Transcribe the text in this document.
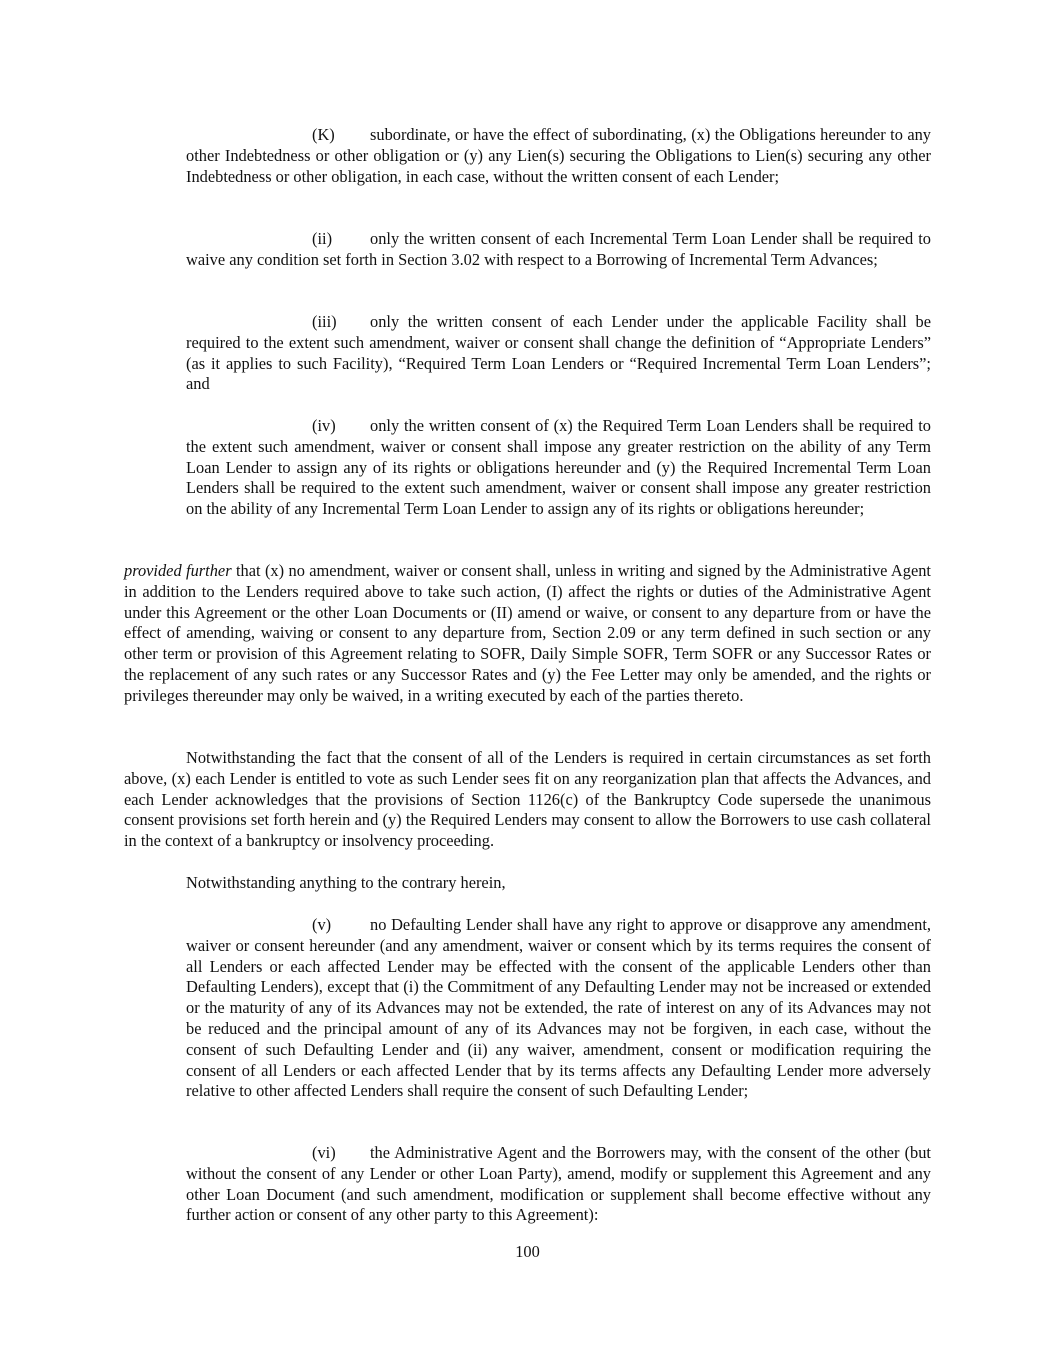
(K) subordinate, or have the effect of subordinating, (x) the Obligations hereunder to any other Indebtedness or other obligation or (y) any Lien(s) securing the Obligations to Lien(s) securing any other Indebtedness or other obligation, in each case, without the written consent of each Lender;

(ii) only the written consent of each Incremental Term Loan Lender shall be required to waive any condition set forth in Section 3.02 with respect to a Borrowing of Incremental Term Advances;

(iii) only the written consent of each Lender under the applicable Facility shall be required to the extent such amendment, waiver or consent shall change the definition of “Appropriate Lenders” (as it applies to such Facility), “Required Term Loan Lenders or “Required Incremental Term Loan Lenders”; and

(iv) only the written consent of (x) the Required Term Loan Lenders shall be required to the extent such amendment, waiver or consent shall impose any greater restriction on the ability of any Term Loan Lender to assign any of its rights or obligations hereunder and (y) the Required Incremental Term Loan Lenders shall be required to the extent such amendment, waiver or consent shall impose any greater restriction on the ability of any Incremental Term Loan Lender to assign any of its rights or obligations hereunder;

provided further that (x) no amendment, waiver or consent shall, unless in writing and signed by the Administrative Agent in addition to the Lenders required above to take such action, (I) affect the rights or duties of the Administrative Agent under this Agreement or the other Loan Documents or (II) amend or waive, or consent to any departure from or have the effect of amending, waiving or consent to any departure from, Section 2.09 or any term defined in such section or any other term or provision of this Agreement relating to SOFR, Daily Simple SOFR, Term SOFR or any Successor Rates or the replacement of any such rates or any Successor Rates and (y) the Fee Letter may only be amended, and the rights or privileges thereunder may only be waived, in a writing executed by each of the parties thereto.

Notwithstanding the fact that the consent of all of the Lenders is required in certain circumstances as set forth above, (x) each Lender is entitled to vote as such Lender sees fit on any reorganization plan that affects the Advances, and each Lender acknowledges that the provisions of Section 1126(c) of the Bankruptcy Code supersede the unanimous consent provisions set forth herein and (y) the Required Lenders may consent to allow the Borrowers to use cash collateral in the context of a bankruptcy or insolvency proceeding.

Notwithstanding anything to the contrary herein,

(v) no Defaulting Lender shall have any right to approve or disapprove any amendment, waiver or consent hereunder (and any amendment, waiver or consent which by its terms requires the consent of all Lenders or each affected Lender may be effected with the consent of the applicable Lenders other than Defaulting Lenders), except that (i) the Commitment of any Defaulting Lender may not be increased or extended or the maturity of any of its Advances may not be extended, the rate of interest on any of its Advances may not be reduced and the principal amount of any of its Advances may not be forgiven, in each case, without the consent of such Defaulting Lender and (ii) any waiver, amendment, consent or modification requiring the consent of all Lenders or each affected Lender that by its terms affects any Defaulting Lender more adversely relative to other affected Lenders shall require the consent of such Defaulting Lender;

(vi) the Administrative Agent and the Borrowers may, with the consent of the other (but without the consent of any Lender or other Loan Party), amend, modify or supplement this Agreement and any other Loan Document (and such amendment, modification or supplement shall become effective without any further action or consent of any other party to this Agreement):

100
